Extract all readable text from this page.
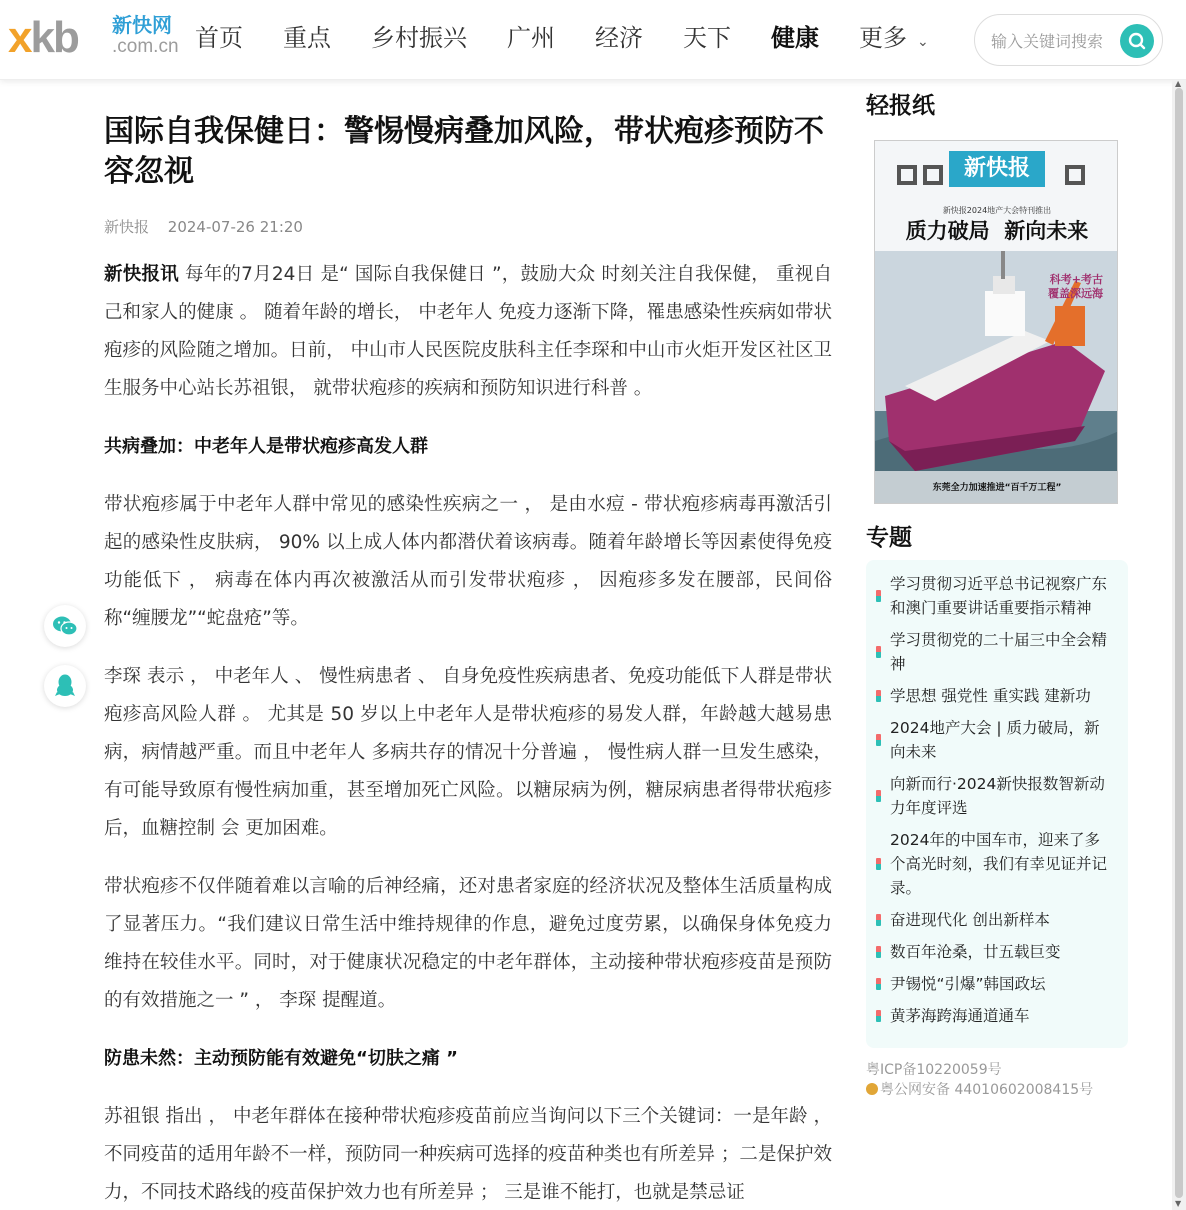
xkb 新快网
.com.cn 首页 重点 乡村振兴 广州 经济 天下 健康 更多 ⌄
输入关键词搜索
国际自我保健日：警惕慢病叠加风险，带状疱疹预防不容忽视
新快报 2024-07-26 21:20

新快报讯 每年的7月24日 是“ 国际自我保健日 ”，鼓励大众 时刻关注自我保健， 重视自己和家人的健康 。 随着年龄的增长， 中老年人 免疫力逐渐下降，罹患感染性疾病如带状疱疹的风险随之增加。日前， 中山市人民医院皮肤科主任李琛和中山市火炬开发区社区卫生服务中心站长苏祖银， 就带状疱疹的疾病和预防知识进行科普 。

共病叠加：中老年人是带状疱疹高发人群

带状疱疹属于中老年人群中常见的感染性疾病之一 ， 是由水痘 - 带状疱疹病毒再激活引起的感染性皮肤病， 90% 以上成人体内都潜伏着该病毒。随着年龄增长等因素使得免疫功能低下 ， 病毒在体内再次被激活从而引发带状疱疹 ， 因疱疹多发在腰部，民间俗称“缠腰龙”“蛇盘疮”等。

李琛 表示 ， 中老年人 、 慢性病患者 、 自身免疫性疾病患者、免疫功能低下人群是带状疱疹高风险人群 。 尤其是 50 岁以上中老年人是带状疱疹的易发人群，年龄越大越易患病，病情越严重。而且中老年人 多病共存的情况十分普遍 ， 慢性病人群一旦发生感染，有可能导致原有慢性病加重，甚至增加死亡风险。以糖尿病为例，糖尿病患者得带状疱疹后，血糖控制 会 更加困难。

带状疱疹不仅伴随着难以言喻的后神经痛，还对患者家庭的经济状况及整体生活质量构成了显著压力。“我们建议日常生活中维持规律的作息，避免过度劳累，以确保身体免疫力维持在较佳水平。同时，对于健康状况稳定的中老年群体，主动接种带状疱疹疫苗是预防的有效措施之一 ” ， 李琛 提醒道。

防患未然：主动预防能有效避免“切肤之痛 ”

苏祖银 指出 ， 中老年群体在接种带状疱疹疫苗前应当询问以下三个关键词：一是年龄 ，不同疫苗的适用年龄不一样，预防同一种疾病可选择的疫苗种类也有所差异 ；二是保护效力，不同技术路线的疫苗保护效力也有所差异 ； 三是谁不能打，也就是禁忌证

轻报纸
新快报
新快报2024地产大会特刊推出
质力破局  新向未来
科考+考古
覆盖深远海
东莞全力加速推进“百千万工程”
专题
学习贯彻习近平总书记视察广东和澳门重要讲话重要指示精神
学习贯彻党的二十届三中全会精神
学思想 强党性 重实践 建新功
2024地产大会 | 质力破局，新向未来
向新而行·2024新快报数智新动力年度评选
2024年的中国车市，迎来了多个高光时刻，我们有幸见证并记录。
奋进现代化 创出新样本
数百年沧桑，廿五载巨变
尹锡悦“引爆”韩国政坛
黄茅海跨海通道通车
粤ICP备10220059号
粤公网安备 44010602008415号
▲
▼
